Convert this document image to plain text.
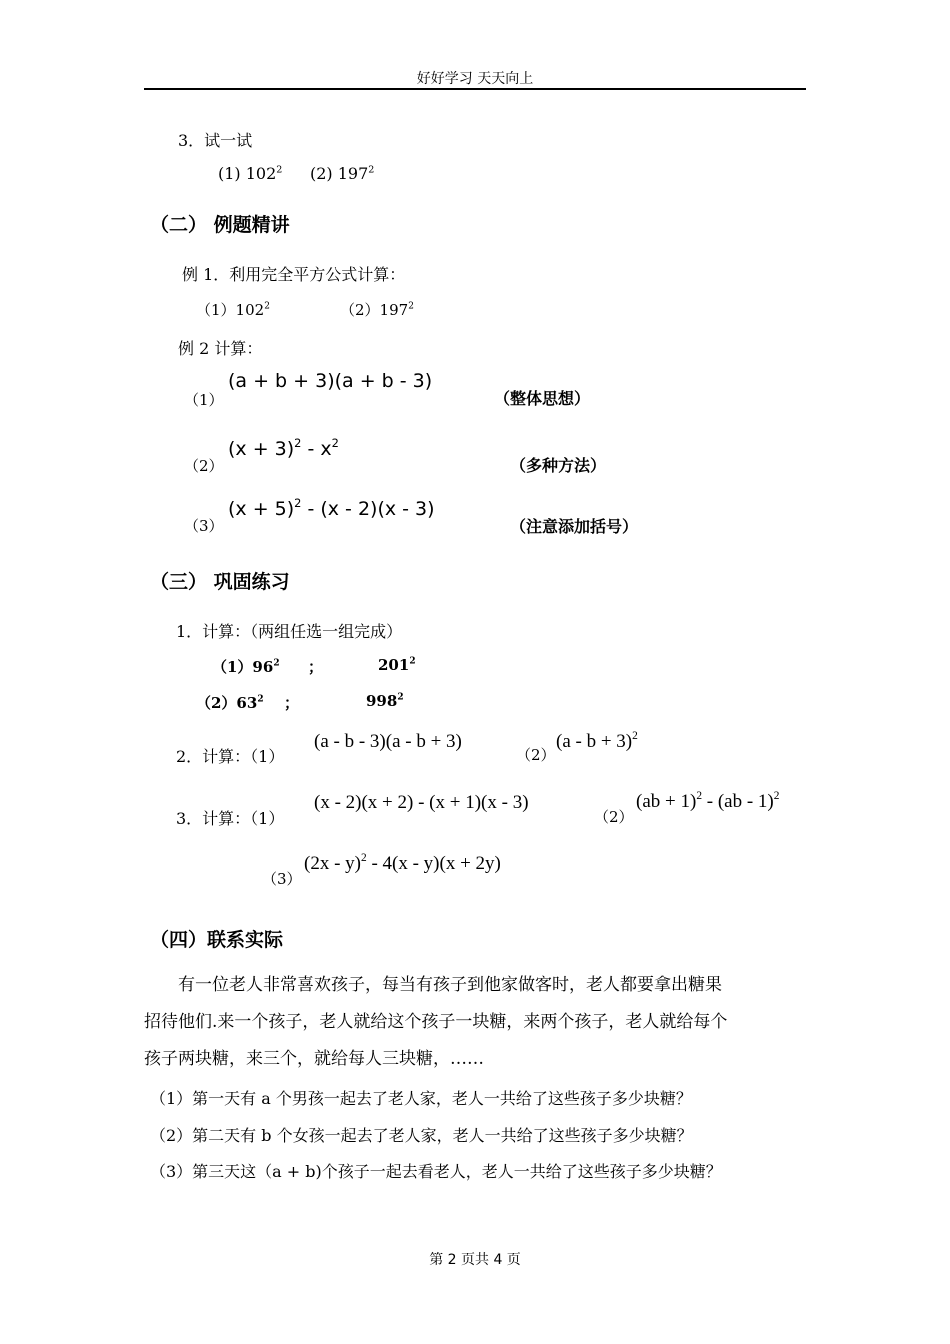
好好学习 天天向上
3．试一试
(1) $102^2$ (2) $197^2$
（二） 例题精讲
例 1．利用完全平方公式计算：
$(1)102^2$	$(2)197^2$
例 2 计算：
（1）
(a + b + 3)(a + b - 3)
（整体思想）
（2）
$(x + 3)^2 - x^2$
（多种方法）
（3）
$(x + 5)^2 - (x - 2)(x - 3)$
（注意添加括号）
（三） 巩固练习
1．计算：（两组任选一组完成）
$(1)96^2$ ；	$201^2$
$(2)63^2$ ；	$998^2$
2．计算：（1）
(a - b - 3)(a - b + 3)
（2）
$(a - b + 3)^2$
3．计算：（1）
(x - 2)(x + 2) - (x + 1)(x - 3)
（2）
(ab + 1)$^2$ - (ab - 1)$^2$
（3）
(2x - y)$^2$ - 4(x - y)(x + 2y)
（四）联系实际
有一位老人非常喜欢孩子，每当有孩子到他家做客时，老人都要拿出糖果
招待他们.来一个孩子，老人就给这个孩子一块糖，来两个孩子，老人就给每个
孩子两块糖，来三个，就给每人三块糖，……
（1）第一天有 a 个男孩一起去了老人家，老人一共给了这些孩子多少块糖？
（2）第二天有 b 个女孩一起去了老人家，老人一共给了这些孩子多少块糖？
（3）第三天这（a + b)个孩子一起去看老人，老人一共给了这些孩子多少块糖？
第 2 页共 4 页
